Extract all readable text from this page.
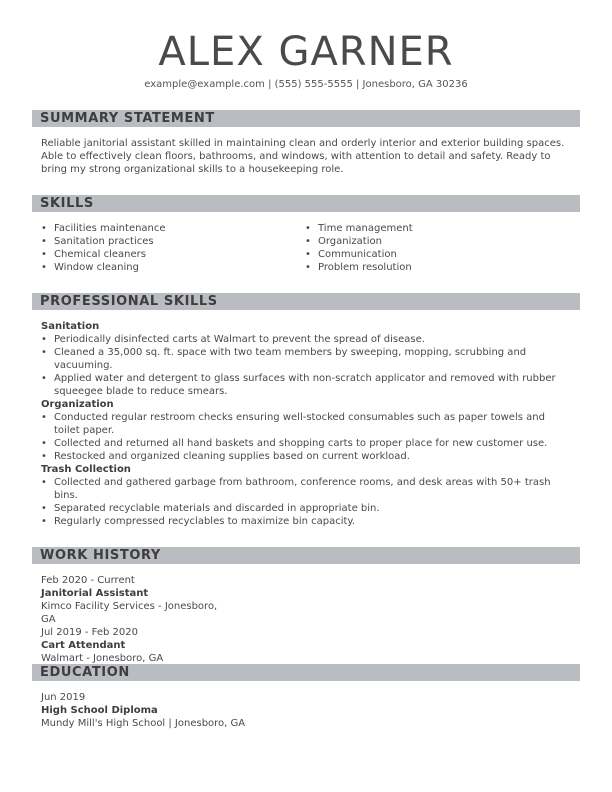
ALEX GARNER
example@example.com | (555) 555-5555 | Jonesboro, GA 30236
SUMMARY STATEMENT
Reliable janitorial assistant skilled in maintaining clean and orderly interior and exterior building spaces. Able to effectively clean floors, bathrooms, and windows, with attention to detail and safety. Ready to bring my strong organizational skills to a housekeeping role.
SKILLS
• Facilities maintenance
• Sanitation practices
• Chemical cleaners
• Window cleaning
• Time management
• Organization
• Communication
• Problem resolution
PROFESSIONAL SKILLS
Sanitation
• Periodically disinfected carts at Walmart to prevent the spread of disease.
• Cleaned a 35,000 sq. ft. space with two team members by sweeping, mopping, scrubbing and vacuuming.
• Applied water and detergent to glass surfaces with non-scratch applicator and removed with rubber squeegee blade to reduce smears.
Organization
• Conducted regular restroom checks ensuring well-stocked consumables such as paper towels and toilet paper.
• Collected and returned all hand baskets and shopping carts to proper place for new customer use.
• Restocked and organized cleaning supplies based on current workload.
Trash Collection
• Collected and gathered garbage from bathroom, conference rooms, and desk areas with 50+ trash bins.
• Separated recyclable materials and discarded in appropriate bin.
• Regularly compressed recyclables to maximize bin capacity.
WORK HISTORY
Feb 2020 - Current
Janitorial Assistant
Kimco Facility Services - Jonesboro,
GA
Jul 2019 - Feb 2020
Cart Attendant
Walmart - Jonesboro, GA
EDUCATION
Jun 2019
High School Diploma
Mundy Mill's High School | Jonesboro, GA
